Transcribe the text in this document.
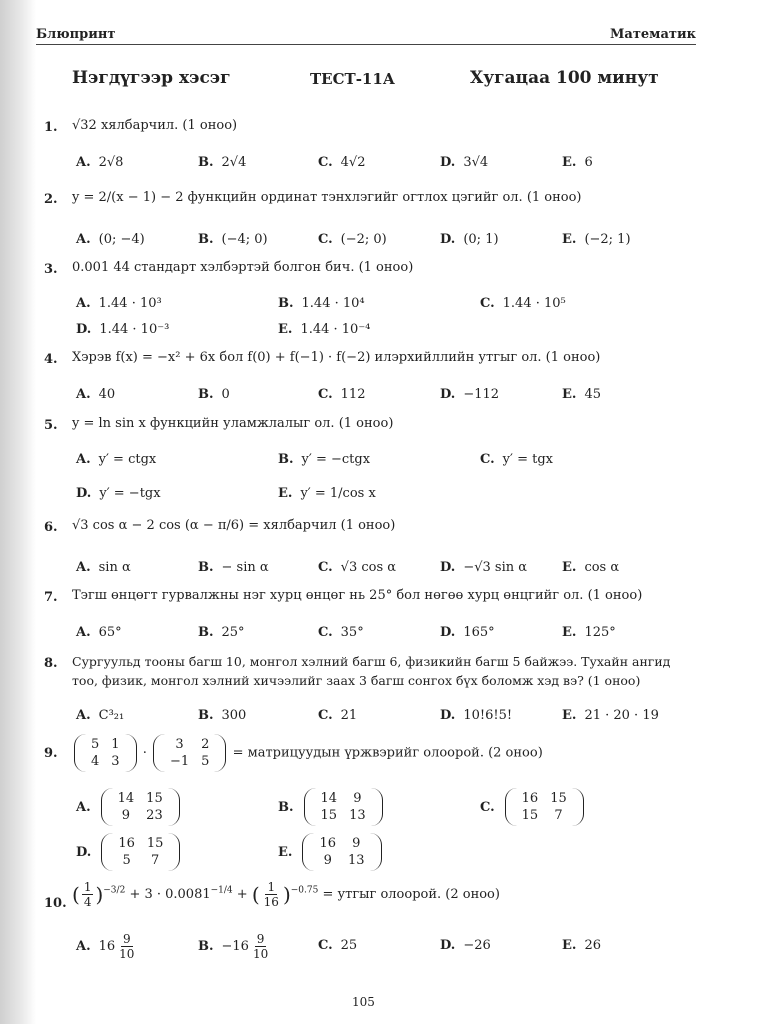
Блюпринт	Математик
Нэгдүгээр хэсэг	ТЕСТ-11А	Хугацаа 100 минут
1. √32 хялбарчил. (1 оноо)
A. 2√8	B. 2√4	C. 4√2	D. 3√4	E. 6
2. y = 2/(x − 1) − 2 функцийн ординат тэнхлэгийг огтлох цэгийг ол. (1 оноо)
A. (0; −4)	B. (−4; 0)	C. (−2; 0)	D. (0; 1)	E. (−2; 1)
3. 0.001 44 стандарт хэлбэртэй болгон бич. (1 оноо)
A. 1.44 · 10³	B. 1.44 · 10⁴	C. 1.44 · 10⁵
D. 1.44 · 10⁻³	E. 1.44 · 10⁻⁴
4. Хэрэв f(x) = −x² + 6x бол f(0) + f(−1) · f(−2) илэрхийллийн утгыг ол. (1 оноо)
A. 40	B. 0	C. 112	D. −112	E. 45
5. y = ln sin x функцийн уламжлалыг ол. (1 оноо)
A. y′ = ctgx	B. y′ = −ctgx	C. y′ = tgx
D. y′ = −tgx	E. y′ = 1/cos x
6. √3 cos α − 2 cos (α − π/6) = хялбарчил (1 оноо)
A. sin α	B. − sin α	C. √3 cos α	D. −√3 sin α	E. cos α
7. Тэгш өнцөгт гурвалжны нэг хурц өнцөг нь 25° бол нөгөө хурц өнцгийг ол. (1 оноо)
A. 65°	B. 25°	C. 35°	D. 165°	E. 125°
8. Сургуульд тооны багш 10, монгол хэлний багш 6, физикийн багш 5 байжээ. Тухайн ангид
тоо, физик, монгол хэлний хичээлийг заах 3 багш сонгох бүх боломж хэд вэ? (1 оноо)
A. C³₂₁	B. 300	C. 21	D. 10!6!5!	E. 21 · 20 · 19
9.
5	1
4	3
·
3	2
−1	5
= матрицуудын үржвэрийг олоорой. (2 оноо)
A.
14	15
9	23
B.
14	9
15	13
C.
16	15
15	7
D.
16	15
5	7
E.
16	9
9	13
10. ( $\frac{1}{4} )^{-3/2} + 3 \cdot 0.0081^{-1/4}$ + ( $\frac{1}{16} )^{-0.75}$ = утгыг олоорой. (2 оноо)
A. $16 \frac{9}{10}$	B. $-16 \frac{9}{10}$	C. 25	D. −26	E. 26
105
